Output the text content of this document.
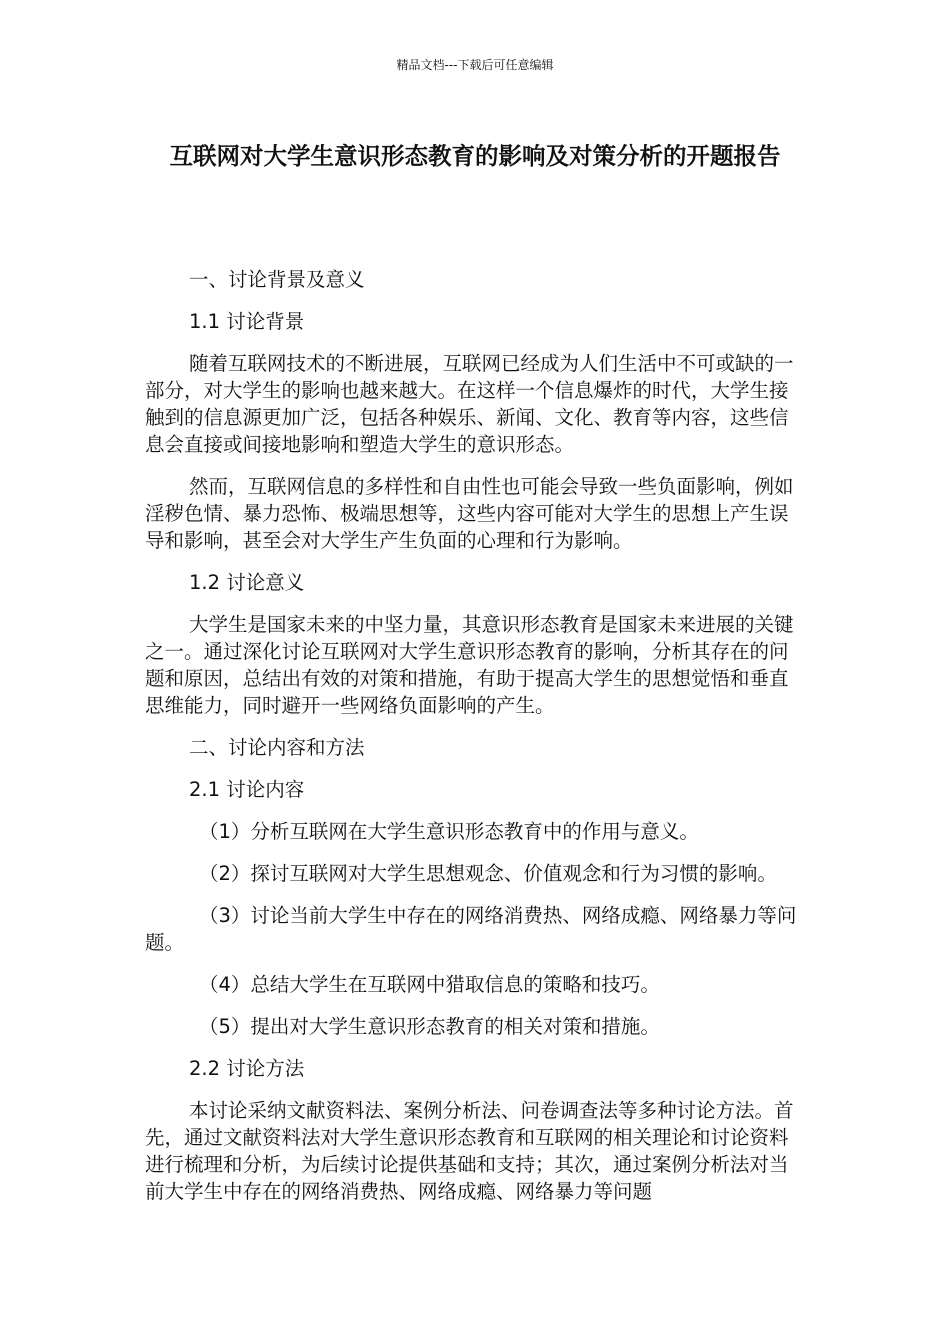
精品文档---下载后可任意编辑
互联网对大学生意识形态教育的影响及对策分析的开题报告

一、讨论背景及意义

1.1 讨论背景

随着互联网技术的不断进展，互联网已经成为人们生活中不可或缺的一部分，对大学生的影响也越来越大。在这样一个信息爆炸的时代，大学生接触到的信息源更加广泛，包括各种娱乐、新闻、文化、教育等内容，这些信息会直接或间接地影响和塑造大学生的意识形态。

然而，互联网信息的多样性和自由性也可能会导致一些负面影响，例如淫秽色情、暴力恐怖、极端思想等，这些内容可能对大学生的思想上产生误导和影响，甚至会对大学生产生负面的心理和行为影响。

1.2 讨论意义

大学生是国家未来的中坚力量，其意识形态教育是国家未来进展的关键之一。通过深化讨论互联网对大学生意识形态教育的影响，分析其存在的问题和原因，总结出有效的对策和措施，有助于提高大学生的思想觉悟和垂直思维能力，同时避开一些网络负面影响的产生。

二、讨论内容和方法

2.1 讨论内容

（1）分析互联网在大学生意识形态教育中的作用与意义。

（2）探讨互联网对大学生思想观念、价值观念和行为习惯的影响。

（3）讨论当前大学生中存在的网络消费热、网络成瘾、网络暴力等问题。

（4）总结大学生在互联网中猎取信息的策略和技巧。

（5）提出对大学生意识形态教育的相关对策和措施。

2.2 讨论方法

本讨论采纳文献资料法、案例分析法、问卷调查法等多种讨论方法。首先，通过文献资料法对大学生意识形态教育和互联网的相关理论和讨论资料进行梳理和分析，为后续讨论提供基础和支持；其次，通过案例分析法对当前大学生中存在的网络消费热、网络成瘾、网络暴力等问题
